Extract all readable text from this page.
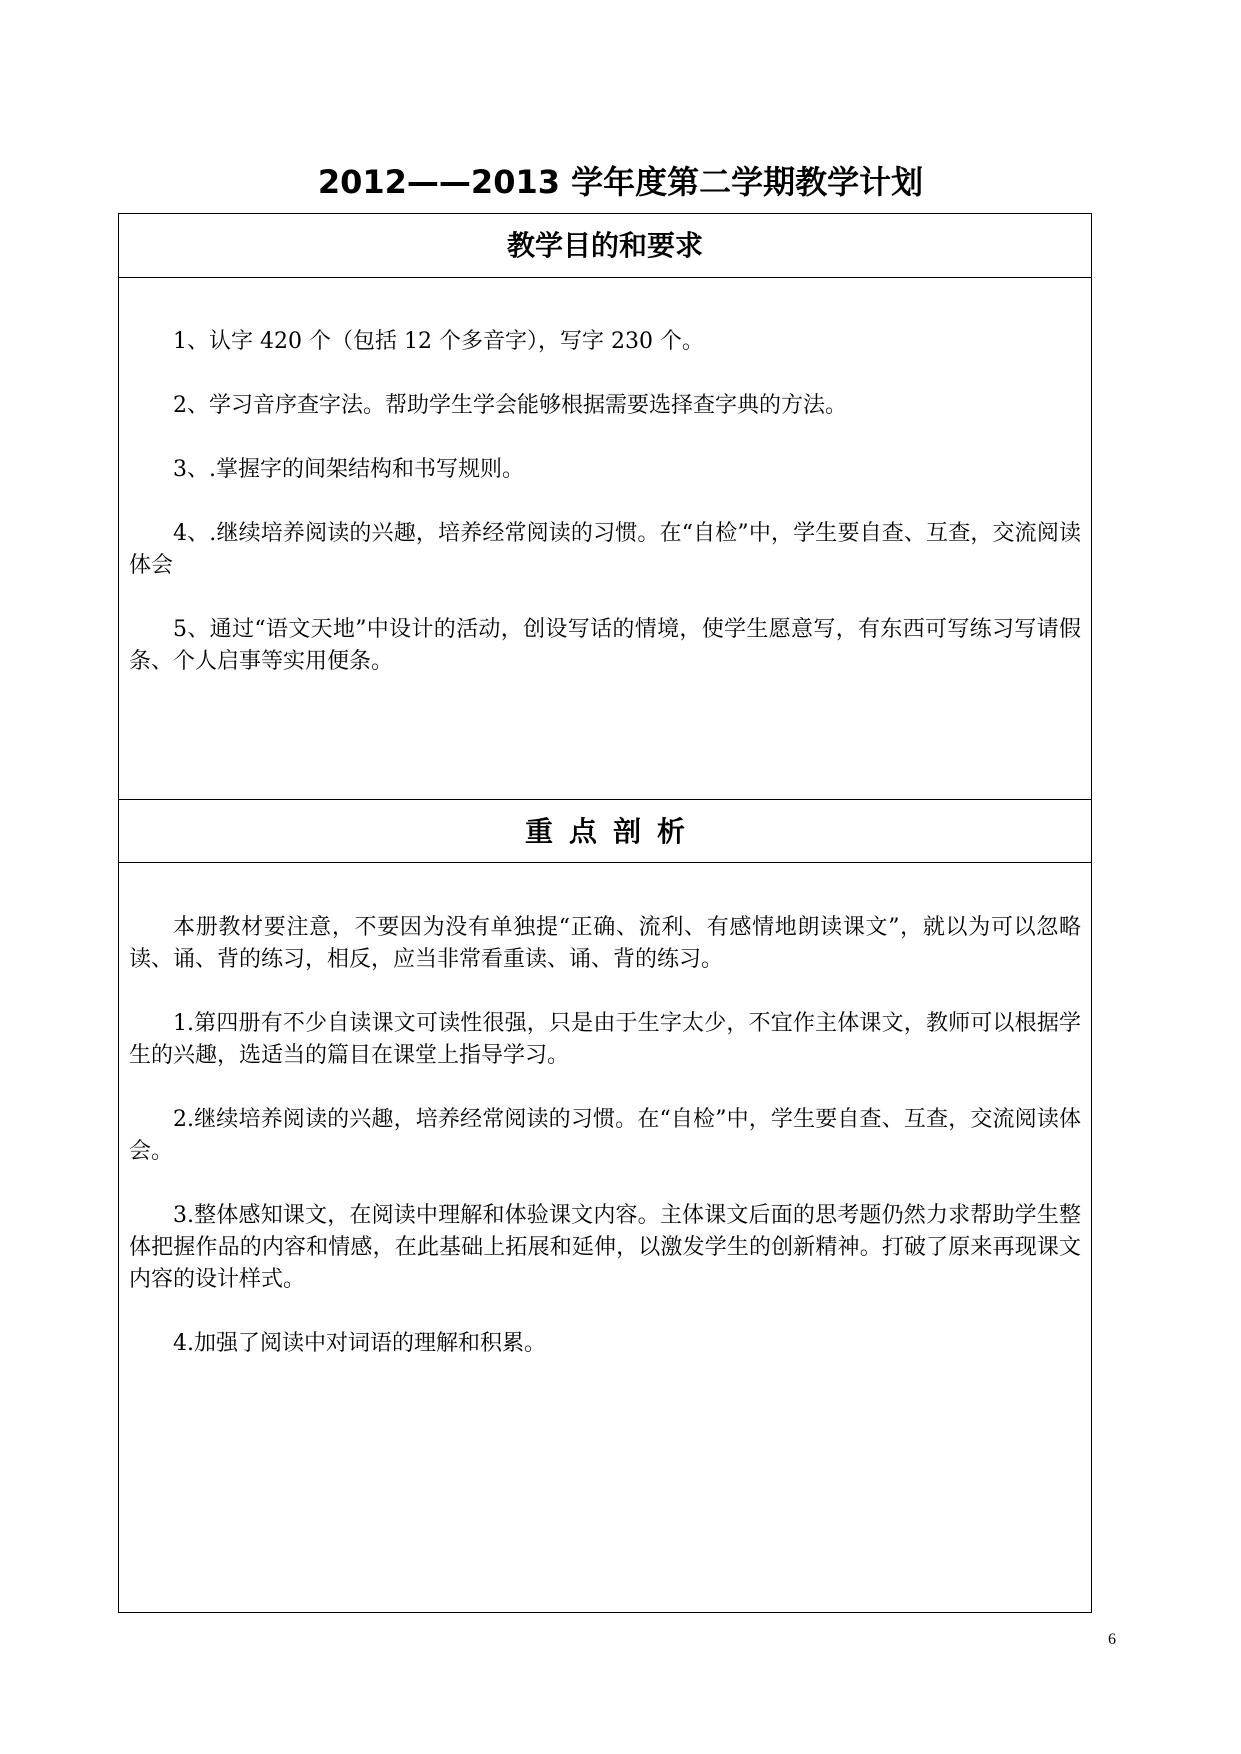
2012——2013 学年度第二学期教学计划
教学目的和要求

1、认字 420 个（包括 12 个多音字），写字 230 个。

2、学习音序查字法。帮助学生学会能够根据需要选择查字典的方法。

3、.掌握字的间架结构和书写规则。

4、.继续培养阅读的兴趣，培养经常阅读的习惯。在“自检”中，学生要自查、互查，交流阅读体会

5、通过“语文天地”中设计的活动，创设写话的情境，使学生愿意写，有东西可写练习写请假条、个人启事等实用便条。

重点剖析

本册教材要注意，不要因为没有单独提“正确、流利、有感情地朗读课文”，就以为可以忽略读、诵、背的练习，相反，应当非常看重读、诵、背的练习。

1.第四册有不少自读课文可读性很强，只是由于生字太少，不宜作主体课文，教师可以根据学生的兴趣，选适当的篇目在课堂上指导学习。

2.继续培养阅读的兴趣，培养经常阅读的习惯。在“自检”中，学生要自查、互查，交流阅读体会。

3.整体感知课文，在阅读中理解和体验课文内容。主体课文后面的思考题仍然力求帮助学生整体把握作品的内容和情感，在此基础上拓展和延伸，以激发学生的创新精神。打破了原来再现课文内容的设计样式。

4.加强了阅读中对词语的理解和积累。

6
